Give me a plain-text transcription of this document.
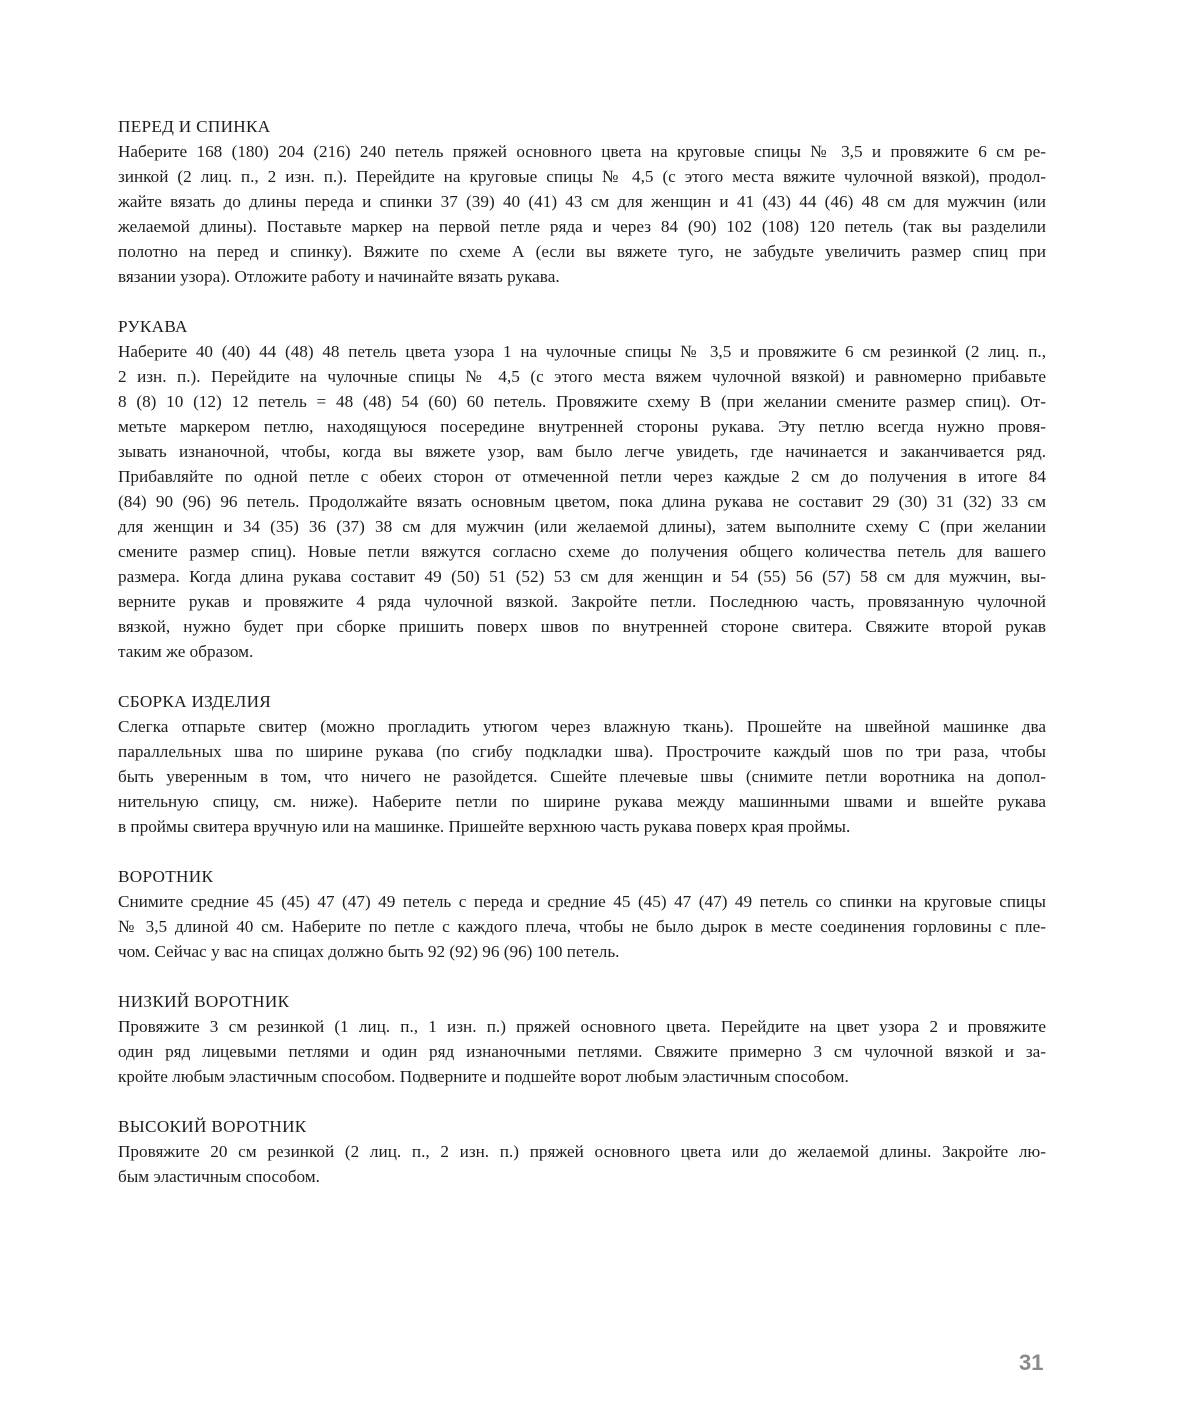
ПЕРЕД И СПИНКА
Наберите 168 (180) 204 (216) 240 петель пряжей основного цвета на круговые спицы № 3,5 и провяжите 6 см ре-
зинкой (2 лиц. п., 2 изн. п.). Перейдите на круговые спицы № 4,5 (с этого места вяжите чулочной вязкой), продол-
жайте вязать до длины переда и спинки 37 (39) 40 (41) 43 см для женщин и 41 (43) 44 (46) 48 см для мужчин (или
желаемой длины). Поставьте маркер на первой петле ряда и через 84 (90) 102 (108) 120 петель (так вы разделили
полотно на перед и спинку). Вяжите по схеме А (если вы вяжете туго, не забудьте увеличить размер спиц при
вязании узора). Отложите работу и начинайте вязать рукава.
РУКАВА
Наберите 40 (40) 44 (48) 48 петель цвета узора 1 на чулочные спицы № 3,5 и провяжите 6 см резинкой (2 лиц. п.,
2 изн. п.). Перейдите на чулочные спицы № 4,5 (с этого места вяжем чулочной вязкой) и равномерно прибавьте
8 (8) 10 (12) 12 петель = 48 (48) 54 (60) 60 петель. Провяжите схему В (при желании смените размер спиц). От-
метьте маркером петлю, находящуюся посередине внутренней стороны рукава. Эту петлю всегда нужно провя-
зывать изнаночной, чтобы, когда вы вяжете узор, вам было легче увидеть, где начинается и заканчивается ряд.
Прибавляйте по одной петле с обеих сторон от отмеченной петли через каждые 2 см до получения в итоге 84
(84) 90 (96) 96 петель. Продолжайте вязать основным цветом, пока длина рукава не составит 29 (30) 31 (32) 33 см
для женщин и 34 (35) 36 (37) 38 см для мужчин (или желаемой длины), затем выполните схему С (при желании
смените размер спиц). Новые петли вяжутся согласно схеме до получения общего количества петель для вашего
размера. Когда длина рукава составит 49 (50) 51 (52) 53 см для женщин и 54 (55) 56 (57) 58 см для мужчин, вы-
верните рукав и провяжите 4 ряда чулочной вязкой. Закройте петли. Последнюю часть, провязанную чулочной
вязкой, нужно будет при сборке пришить поверх швов по внутренней стороне свитера. Свяжите второй рукав
таким же образом.
СБОРКА ИЗДЕЛИЯ
Слегка отпарьте свитер (можно прогладить утюгом через влажную ткань). Прошейте на швейной машинке два
параллельных шва по ширине рукава (по сгибу подкладки шва). Прострочите каждый шов по три раза, чтобы
быть уверенным в том, что ничего не разойдется. Сшейте плечевые швы (снимите петли воротника на допол-
нительную спицу, см. ниже). Наберите петли по ширине рукава между машинными швами и вшейте рукава
в проймы свитера вручную или на машинке. Пришейте верхнюю часть рукава поверх края проймы.
ВОРОТНИК
Снимите средние 45 (45) 47 (47) 49 петель с переда и средние 45 (45) 47 (47) 49 петель со спинки на круговые спицы
№ 3,5 длиной 40 см. Наберите по петле с каждого плеча, чтобы не было дырок в месте соединения горловины с пле-
чом. Сейчас у вас на спицах должно быть 92 (92) 96 (96) 100 петель.
НИЗКИЙ ВОРОТНИК
Провяжите 3 см резинкой (1 лиц. п., 1 изн. п.) пряжей основного цвета. Перейдите на цвет узора 2 и провяжите
один ряд лицевыми петлями и один ряд изнаночными петлями. Свяжите примерно 3 см чулочной вязкой и за-
кройте любым эластичным способом. Подверните и подшейте ворот любым эластичным способом.
ВЫСОКИЙ ВОРОТНИК
Провяжите 20 см резинкой (2 лиц. п., 2 изн. п.) пряжей основного цвета или до желаемой длины. Закройте лю-
бым эластичным способом.
31
